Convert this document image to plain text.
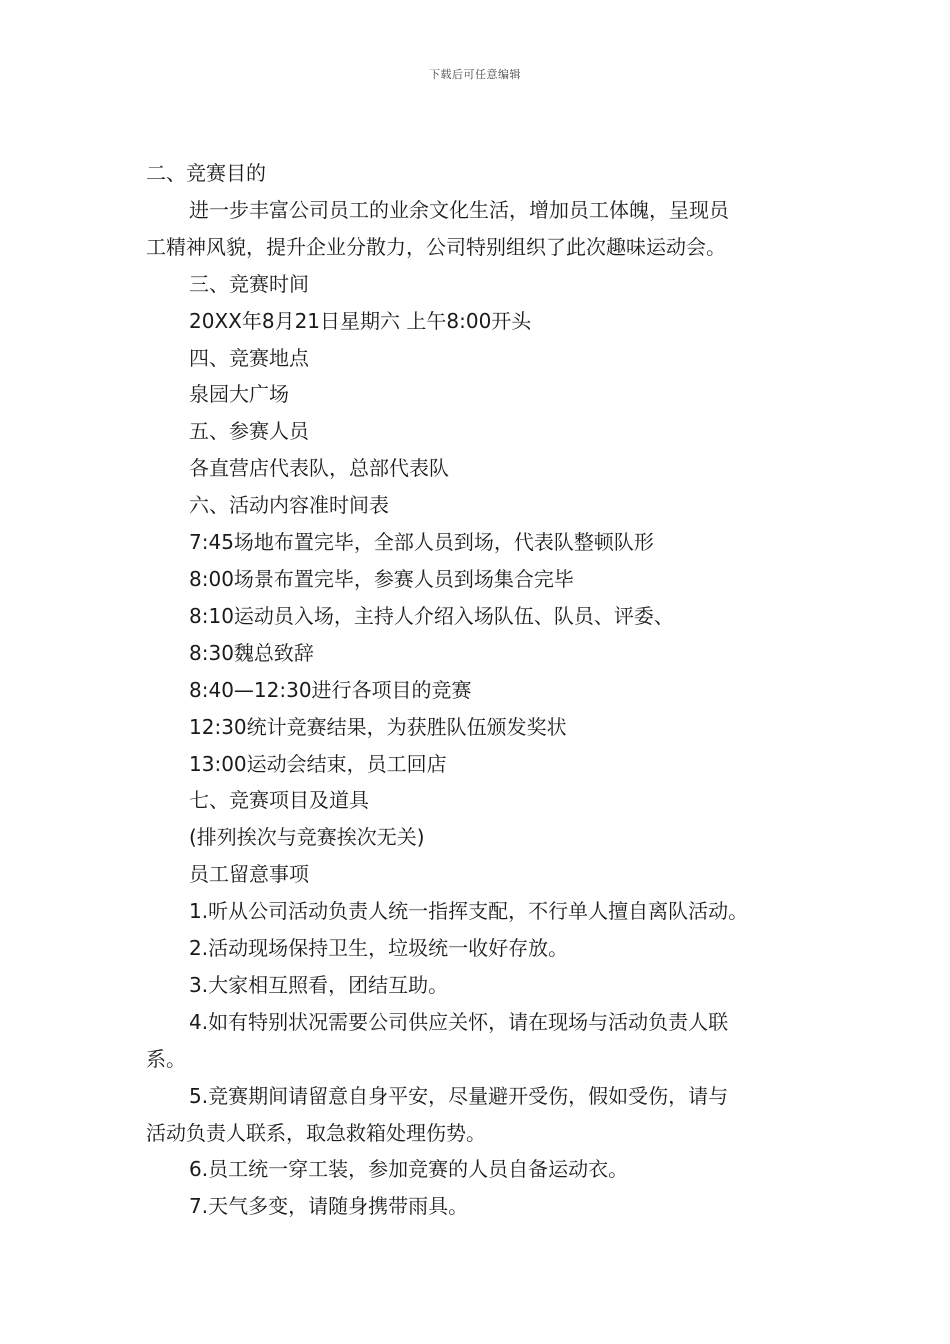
下载后可任意编辑
二、竞赛目的
进一步丰富公司员工的业余文化生活，增加员工体魄，呈现员
工精神风貌，提升企业分散力，公司特别组织了此次趣味运动会。
三、竞赛时间
20XX年8月21日星期六 上午8:00开头
四、竞赛地点
泉园大广场
五、参赛人员
各直营店代表队，总部代表队
六、活动内容准时间表
7:45场地布置完毕，全部人员到场，代表队整顿队形
8:00场景布置完毕，参赛人员到场集合完毕
8:10运动员入场，主持人介绍入场队伍、队员、评委、
8:30魏总致辞
8:40—12:30进行各项目的竞赛
12:30统计竞赛结果，为获胜队伍颁发奖状
13:00运动会结束，员工回店
七、竞赛项目及道具
(排列挨次与竞赛挨次无关)
员工留意事项
1.听从公司活动负责人统一指挥支配，不行单人擅自离队活动。
2.活动现场保持卫生，垃圾统一收好存放。
3.大家相互照看，团结互助。
4.如有特别状况需要公司供应关怀，请在现场与活动负责人联
系。
5.竞赛期间请留意自身平安，尽量避开受伤，假如受伤，请与
活动负责人联系，取急救箱处理伤势。
6.员工统一穿工装，参加竞赛的人员自备运动衣。
7.天气多变，请随身携带雨具。
